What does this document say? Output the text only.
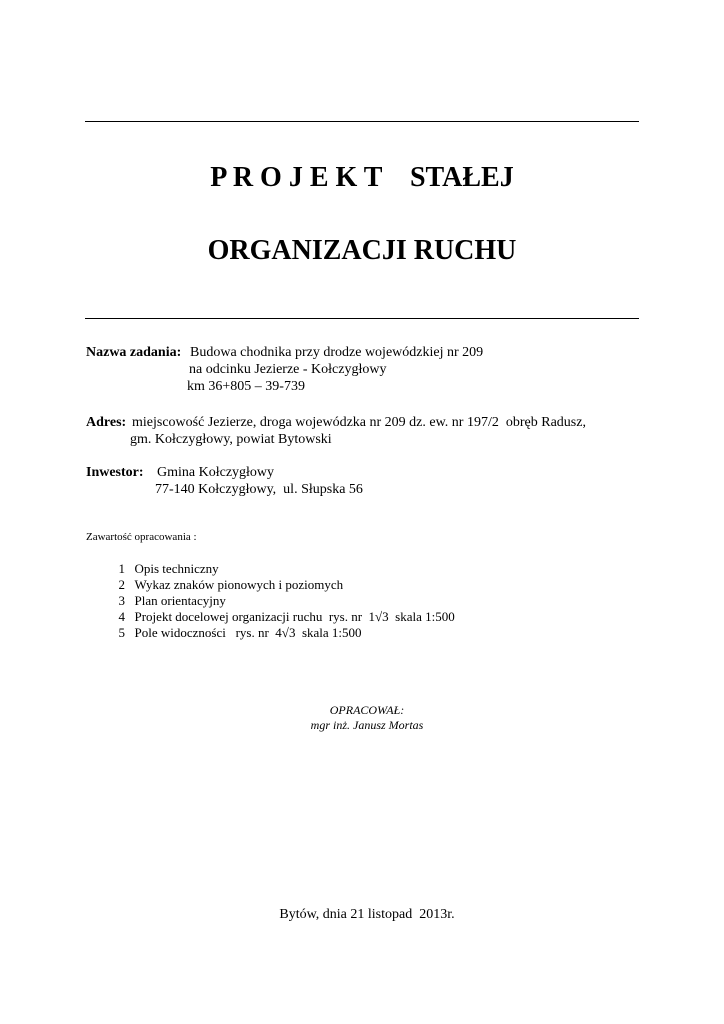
P R O J E K T    STAŁEJ
ORGANIZACJI RUCHU
Nazwa zadania: Budowa chodnika przy drodze wojewódzkiej nr 209
na odcinku Jezierze - Kołczygłowy
km 36+805 – 39-739
Adres: miejscowość Jezierze, droga wojewódzka nr 209 dz. ew. nr 197/2  obręb Radusz,
gm. Kołczygłowy, powiat Bytowski
Inwestor: Gmina Kołczygłowy
77-140 Kołczygłowy,  ul. Słupska 56
Zawartość opracowania :

1 Opis techniczny

2 Wykaz znaków pionowych i poziomych

3 Plan orientacyjny

4 Projekt docelowej organizacji ruchu  rys. nr  1√3  skala 1:500

5 Pole widoczności   rys. nr  4√3  skala 1:500

OPRACOWAŁ:
mgr inż. Janusz Mortas
Bytów, dnia 21 listopad  2013r.
